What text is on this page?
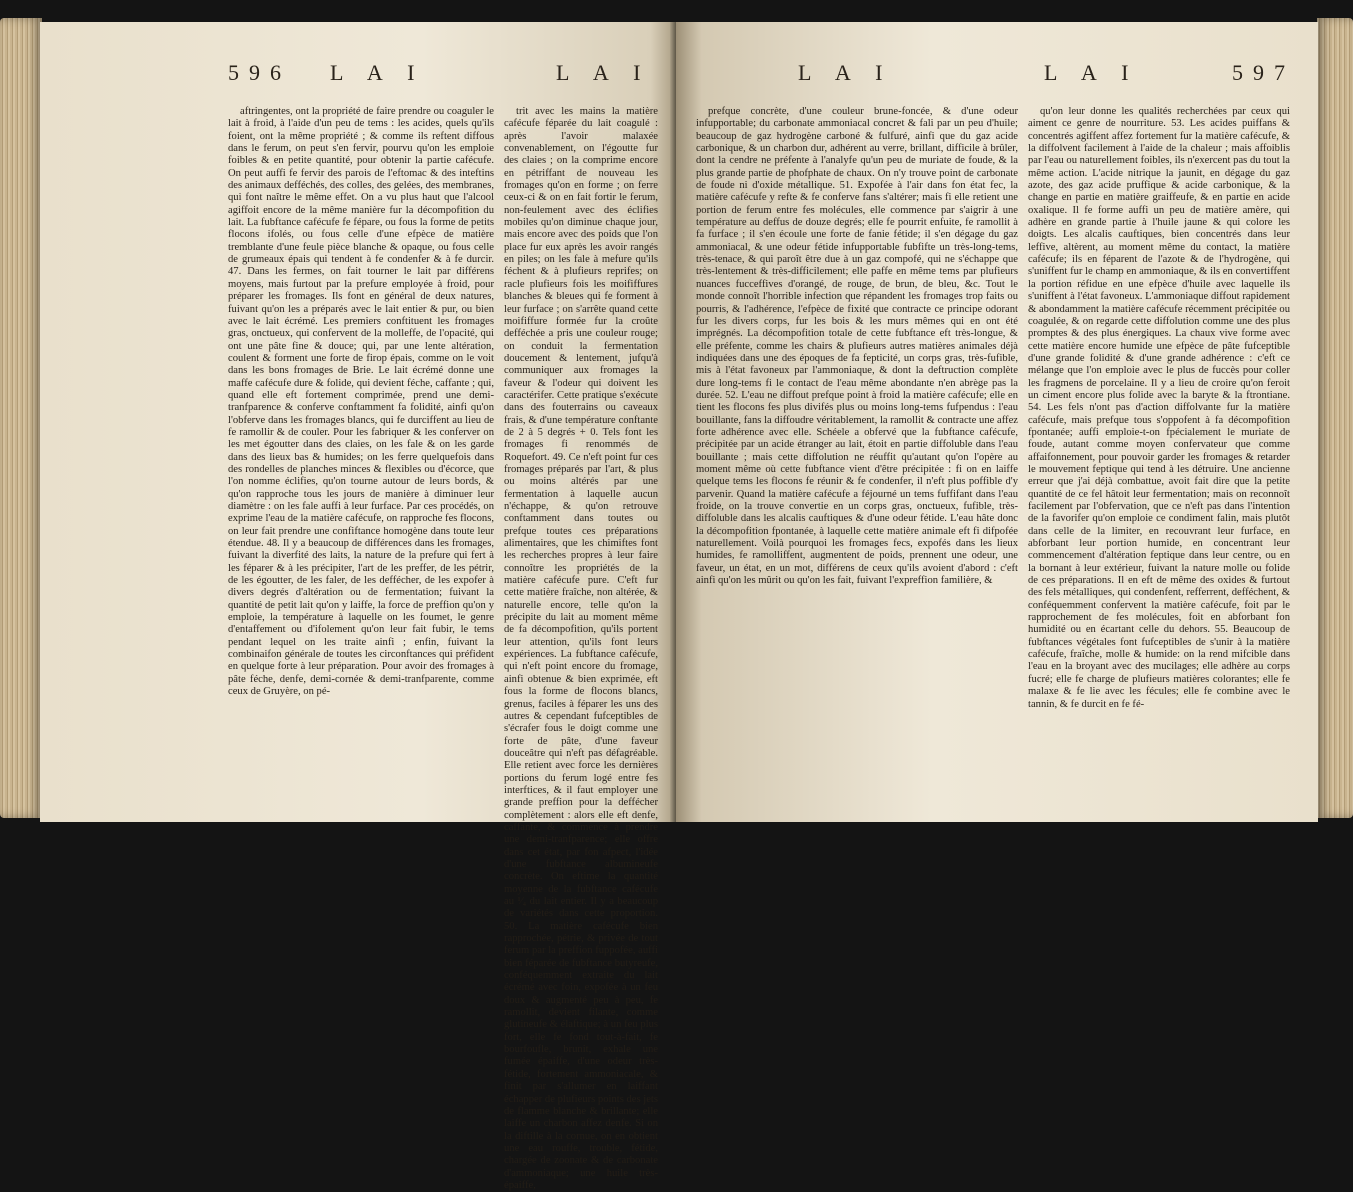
596 L A I	L A I

aftringentes, ont la propriété de faire prendre ou coaguler le lait à froid, à l'aide d'un peu de tems : les acides, quels qu'ils foient, ont la même propriété ; & comme ils reftent diffous dans le ferum, on peut s'en fervir, pourvu qu'on les emploie foibles & en petite quantité, pour obtenir la partie cafécufe. On peut auffi fe fervir des parois de l'eftomac & des inteftins des animaux defféchés, des colles, des gelées, des membranes, qui font naître le même effet. On a vu plus haut que l'alcool agiffoit encore de la même manière fur la décompofition du lait. La fubftance cafécufe fe fépare, ou fous la forme de petits flocons ifolés, ou fous celle d'une efpèce de matière tremblante d'une feule pièce blanche & opaque, ou fous celle de grumeaux épais qui tendent à fe condenfer & à fe durcir. 47. Dans les fermes, on fait tourner le lait par différens moyens, mais furtout par la prefure employée à froid, pour préparer les fromages. Ils font en général de deux natures, fuivant qu'on les a préparés avec le lait entier & pur, ou bien avec le lait écrémé. Les premiers conftituent les fromages gras, onctueux, qui confervent de la molleffe, de l'opacité, qui ont une pâte fine & douce; qui, par une lente altération, coulent & forment une forte de firop épais, comme on le voit dans les bons fromages de Brie. Le lait écrémé donne une maffe cafécufe dure & folide, qui devient féche, caffante ; qui, quand elle eft fortement comprimée, prend une demi-tranfparence & conferve conftamment fa folidité, ainfi qu'on l'obferve dans les fromages blancs, qui fe durciffent au lieu de fe ramollir & de couler. Pour les fabriquer & les conferver on les met égoutter dans des claies, on les fale & on les garde dans des lieux bas & humides; on les ferre quelquefois dans des rondelles de planches minces & flexibles ou d'écorce, que l'on nomme éclifies, qu'on tourne autour de leurs bords, & qu'on rapproche tous les jours de manière à diminuer leur diamètre : on les fale auffi à leur furface. Par ces procédés, on exprime l'eau de la matière cafécufe, on rapproche fes flocons, on leur fait prendre une confiftance homogène dans toute leur étendue. 48. Il y a beaucoup de différences dans les fromages, fuivant la diverfité des laits, la nature de la prefure qui fert à les féparer & à les précipiter, l'art de les preffer, de les pétrir, de les égoutter, de les faler, de les deffécher, de les expofer à divers degrés d'altération ou de fermentation; fuivant la quantité de petit lait qu'on y laiffe, la force de preffion qu'on y emploie, la température à laquelle on les foumet, le genre d'entaffement ou d'ifolement qu'on leur fait fubir, le tems pendant lequel on les traite ainfi ; enfin, fuivant la combinaifon générale de toutes les circonftances qui préfident en quelque forte à leur préparation. Pour avoir des fromages à pâte féche, denfe, demi-cornée & demi-tranfparente, comme ceux de Gruyère, on pé-

trit avec les mains la matière cafécufe féparée du lait coagulé : après l'avoir malaxée convenablement, on l'égoutte fur des claies ; on la comprime encore en pétriffant de nouveau les fromages qu'on en forme ; on ferre ceux-ci & on en fait fortir le ferum, non-feulement avec des éclifies mobiles qu'on diminue chaque jour, mais encore avec des poids que l'on place fur eux après les avoir rangés en piles; on les fale à mefure qu'ils féchent & à plufieurs reprifes; on racle plufieurs fois les moififfures blanches & bleues qui fe forment à leur furface ; on s'arrête quand cette moififfure formée fur la croûte defféchée a pris une couleur rouge; on conduit la fermentation doucement & lentement, jufqu'à communiquer aux fromages la faveur & l'odeur qui doivent les caractérifer. Cette pratique s'exécute dans des fouterrains ou caveaux frais, & d'une température conftante de 2 à 5 degrés + 0. Tels font les fromages fi renommés de Roquefort. 49. Ce n'eft point fur ces fromages préparés par l'art, & plus ou moins altérés par une fermentation à laquelle aucun n'échappe, & qu'on retrouve conftamment dans toutes ou prefque toutes ces préparations alimentaires, que les chimiftes font les recherches propres à leur faire connoître les propriétés de la matière cafécufe pure. C'eft fur cette matière fraîche, non altérée, & naturelle encore, telle qu'on la précipite du lait au moment même de fa décompofition, qu'ils portent leur attention, qu'ils font leurs expériences. La fubftance cafécufe, qui n'eft point encore du fromage, ainfi obtenue & bien exprimée, eft fous la forme de flocons blancs, grenus, faciles à féparer les uns des autres & cependant fufceptibles de s'écrafer fous le doigt comme une forte de pâte, d'une faveur douceâtre qui n'eft pas défagréable. Elle retient avec force les dernières portions du ferum logé entre fes interftices, & il faut employer une grande preffion pour la deffécher complètement : alors elle eft denfe, caffante, & commence à prendre une demi-tranfparence; elle offre dans cet état, par fon afpect, l'idée d'une fubftance albumineufe concrète. On eftime la quantité moyenne de la fubftance cafécufe au ¹⁄₄ du lait entier. Il y a beaucoup de variétés dans cette proportion. 50. La matière cafécufe bien rapprochée, pétrie, & privée de tout ferum par la preffion fuppofée, auffi bien féparée de fubftance butyreufe, conféquemment extraite du lait écrémé avec foin, expofée à un feu doux & augmenté peu à peu, fe ramollit, devient filante, comme glutineufe & élaftique; à un feu plus fort, elle fe fond tout-à-fait, fe bourfoufle, brunit, exhale une fumée épaiffe, d'une odeur très-fétide, fortement ammoniacale, & finit par s'allumer en laiffant échapper de plufieurs points des jets de flamme blanche & brillante; elle laiffe un charbon affez denfe. Si on la diftille à la cornue, on en obtient une eau rouffe, trouble, fétide, chargée de zoonate & de carbonate d'ammoniaque; une huile très-épaiffe,

L A I	L A I	597

prefque concrète, d'une couleur brune-foncée, & d'une odeur infupportable; du carbonate ammoniacal concret & fali par un peu d'huile; beaucoup de gaz hydrogène carboné & fulfuré, ainfi que du gaz acide carbonique, & un charbon dur, adhérent au verre, brillant, difficile à brûler, dont la cendre ne préfente à l'analyfe qu'un peu de muriate de foude, & la plus grande partie de phofphate de chaux. On n'y trouve point de carbonate de foude ni d'oxide métallique. 51. Expofée à l'air dans fon état fec, la matière cafécufe y refte & fe conferve fans s'altérer; mais fi elle retient une portion de ferum entre fes molécules, elle commence par s'aigrir à une température au deffus de douze degrés; elle fe pourrit enfuite, fe ramollit à fa furface ; il s'en écoule une forte de fanie fétide; il s'en dégage du gaz ammoniacal, & une odeur fétide infupportable fubfifte un très-long-tems, très-tenace, & qui paroît être due à un gaz compofé, qui ne s'échappe que très-lentement & très-difficilement; elle paffe en même tems par plufieurs nuances fucceffives d'orangé, de rouge, de brun, de bleu, &c. Tout le monde connoît l'horrible infection que répandent les fromages trop faits ou pourris, & l'adhérence, l'efpèce de fixité que contracte ce principe odorant fur les divers corps, fur les bois & les murs mêmes qui en ont été imprégnés. La décompofition totale de cette fubftance eft très-longue, & elle préfente, comme les chairs & plufieurs autres matières animales déjà indiquées dans une des époques de fa fepticité, un corps gras, très-fufible, mis à l'état favoneux par l'ammoniaque, & dont la deftruction complète dure long-tems fi le contact de l'eau même abondante n'en abrège pas la durée. 52. L'eau ne diffout prefque point à froid la matière cafécufe; elle en tient les flocons fes plus divifés plus ou moins long-tems fufpendus : l'eau bouillante, fans la diffoudre véritablement, la ramollit & contracte une affez forte adhérence avec elle. Schéele a obfervé que la fubftance cafécufe, précipitée par un acide étranger au lait, étoit en partie diffoluble dans l'eau bouillante ; mais cette diffolution ne réuffit qu'autant qu'on l'opère au moment même où cette fubftance vient d'être précipitée : fi on en laiffe quelque tems les flocons fe réunir & fe condenfer, il n'eft plus poffible d'y parvenir. Quand la matière cafécufe a féjourné un tems fuffifant dans l'eau froide, on la trouve convertie en un corps gras, onctueux, fufible, très-diffoluble dans les alcalis cauftiques & d'une odeur fétide. L'eau hâte donc la décompofition fpontanée, à laquelle cette matière animale eft fi difpofée naturellement. Voilà pourquoi les fromages fecs, expofés dans les lieux humides, fe ramolliffent, augmentent de poids, prennent une odeur, une faveur, un état, en un mot, différens de ceux qu'ils avoient d'abord : c'eft ainfi qu'on les mûrit ou qu'on les fait, fuivant l'expreffion familière, &

qu'on leur donne les qualités recherchées par ceux qui aiment ce genre de nourriture. 53. Les acides puiffans & concentrés agiffent affez fortement fur la matière cafécufe, & la diffolvent facilement à l'aide de la chaleur ; mais affoiblis par l'eau ou naturellement foibles, ils n'exercent pas du tout la même action. L'acide nitrique la jaunit, en dégage du gaz azote, des gaz acide pruffique & acide carbonique, & la change en partie en matière graiffeufe, & en partie en acide oxalique. Il fe forme auffi un peu de matière amère, qui adhère en grande partie à l'huile jaune & qui colore les doigts. Les alcalis cauftiques, bien concentrés dans leur leffive, altèrent, au moment même du contact, la matière cafécufe; ils en féparent de l'azote & de l'hydrogène, qui s'uniffent fur le champ en ammoniaque, & ils en convertiffent la portion réfidue en une efpèce d'huile avec laquelle ils s'uniffent à l'état favoneux. L'ammoniaque diffout rapidement & abondamment la matière cafécufe récemment précipitée ou coagulée, & on regarde cette diffolution comme une des plus promptes & des plus énergiques. La chaux vive forme avec cette matière encore humide une efpèce de pâte fufceptible d'une grande folidité & d'une grande adhérence : c'eft ce mélange que l'on emploie avec le plus de fuccès pour coller les fragmens de porcelaine. Il y a lieu de croire qu'on feroit un ciment encore plus folide avec la baryte & la ftrontiane. 54. Les fels n'ont pas d'action diffolvante fur la matière cafécufe, mais prefque tous s'oppofent à fa décompofition fpontanée; auffi emploie-t-on fpécialement le muriate de foude, autant comme moyen confervateur que comme affaifonnement, pour pouvoir garder les fromages & retarder le mouvement feptique qui tend à les détruire. Une ancienne erreur que j'ai déjà combattue, avoit fait dire que la petite quantité de ce fel hâtoit leur fermentation; mais on reconnoît facilement par l'obfervation, que ce n'eft pas dans l'intention de la favorifer qu'on emploie ce condiment falin, mais plutôt dans celle de la limiter, en recouvrant leur furface, en abforbant leur portion humide, en concentrant leur commencement d'altération feptique dans leur centre, ou en la bornant à leur extérieur, fuivant la nature molle ou folide de ces préparations. Il en eft de même des oxides & furtout des fels métalliques, qui condenfent, refferrent, defféchent, & conféquemment confervent la matière cafécufe, foit par le rapprochement de fes molécules, foit en abforbant fon humidité ou en écartant celle du dehors. 55. Beaucoup de fubftances végétales font fufceptibles de s'unir à la matière cafécufe, fraîche, molle & humide: on la rend mifcible dans l'eau en la broyant avec des mucilages; elle adhère au corps fucré; elle fe charge de plufieurs matières colorantes; elle fe malaxe & fe lie avec les fécules; elle fe combine avec le tannin, & fe durcit en fe fé-
